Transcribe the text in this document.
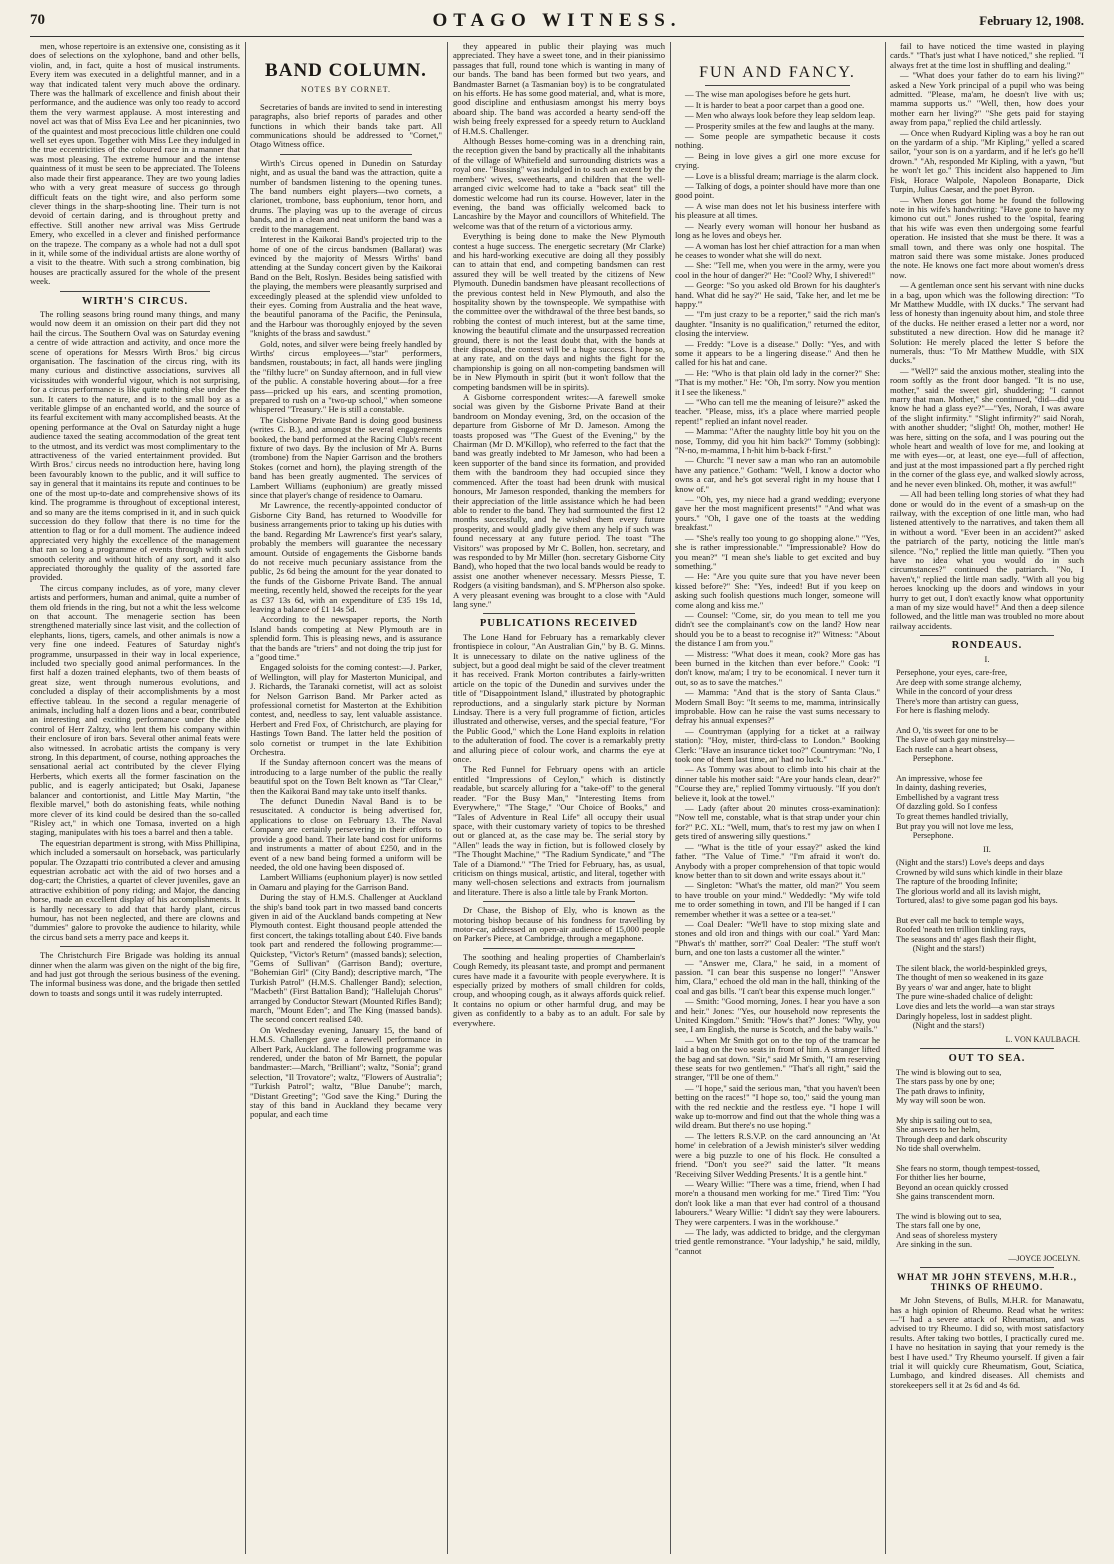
70	OTAGO WITNESS.	February 12, 1908.

men, whose repertoire is an extensive one, consisting as it does of selections on the xylophone, band and other bells, violin, and, in fact, quite a host of musical instruments. Every item was executed in a delightful manner, and in a way that indicated talent very much above the ordinary. There was the hallmark of excellence and finish about their performance, and the audience was only too ready to accord them the very warmest applause. A most interesting and novel act was that of Miss Eva Lee and her picaninnies, two of the quaintest and most precocious little children one could well set eyes upon. Together with Miss Lee they indulged in the true eccentricities of the coloured race in a manner that was most pleasing. The extreme humour and the intense quaintness of it must be seen to be appreciated. The Toleens also made their first appearance. They are two young ladies who with a very great measure of success go through difficult feats on the tight wire, and also perform some clever things in the sharp-shooting line. Their turn is not devoid of certain daring, and is throughout pretty and effective. Still another new arrival was Miss Gertrude Emery, who excelled in a clever and finished performance on the trapeze. The company as a whole had not a dull spot in it, while some of the individual artists are alone worthy of a visit to the theatre. With such a strong combination, big houses are practically assured for the whole of the present week.

WIRTH'S CIRCUS.

The rolling seasons bring round many things, and many would now deem it an omission on their part did they not hail the circus. The Southern Oval was on Saturday evening a centre of wide attraction and activity, and once more the scene of operations for Messrs Wirth Bros.' big circus organisation. The fascination of the circus ring, with its many curious and distinctive associations, survives all vicissitudes with wonderful vigour, which is not surprising, for a circus performance is like quite nothing else under the sun. It caters to the nature, and is to the small boy as a veritable glimpse of an enchanted world, and the source of its fearful excitement with many accomplished beasts. At the opening performance at the Oval on Saturday night a huge audience taxed the seating accommodation of the great tent to the utmost, and its verdict was most complimentary to the attractiveness of the varied entertainment provided. But Wirth Bros.' circus needs no introduction here, having long been favourably known to the public, and it will suffice to say in general that it maintains its repute and continues to be one of the most up-to-date and comprehensive shows of its kind. The programme is throughout of exceptional interest, and so many are the items comprised in it, and in such quick succession do they follow that there is no time for the attention to flag or for a dull moment. The audience indeed appreciated very highly the excellence of the management that ran so long a programme of events through with such smooth celerity and without hitch of any sort, and it also appreciated thoroughly the quality of the assorted fare provided.

The circus company includes, as of yore, many clever artists and performers, human and animal, quite a number of them old friends in the ring, but not a whit the less welcome on that account. The menagerie section has been strengthened materially since last visit, and the collection of elephants, lions, tigers, camels, and other animals is now a very fine one indeed. Features of Saturday night's programme, unsurpassed in their way in local experience, included two specially good animal performances. In the first half a dozen trained elephants, two of them beasts of great size, went through numerous evolutions, and concluded a display of their accomplishments by a most effective tableau. In the second a regular menagerie of animals, including half a dozen lions and a bear, contributed an interesting and exciting performance under the able control of Herr Zaltzy, who lent them his company within their enclosure of iron bars. Several other animal feats were also witnessed. In acrobatic artists the company is very strong. In this department, of course, nothing approaches the sensational aerial act contributed by the clever Flying Herberts, which exerts all the former fascination on the public, and is eagerly anticipated; but Osaki, Japanese balancer and contortionist, and Little May Martin, "the flexible marvel," both do astonishing feats, while nothing more clever of its kind could be desired than the so-called "Risley act," in which one Tomasa, inverted on a high staging, manipulates with his toes a barrel and then a table.

The equestrian department is strong, with Miss Phillipina, which included a somersault on horseback, was particularly popular. The Ozzapatti trio contributed a clever and amusing equestrian acrobatic act with the aid of two horses and a dog-cart; the Christies, a quartet of clever juveniles, gave an attractive exhibition of pony riding; and Major, the dancing horse, made an excellent display of his accomplishments. It is hardly necessary to add that that hardy plant, circus humour, has not been neglected, and there are clowns and "dummies" galore to provoke the audience to hilarity, while the circus band sets a merry pace and keeps it.

The Christchurch Fire Brigade was holding its annual dinner when the alarm was given on the night of the big fire, and had just got through the serious business of the evening. The informal business was done, and the brigade then settled down to toasts and songs until it was rudely interrupted.

BAND COLUMN.
NOTES BY CORNET.

Secretaries of bands are invited to send in interesting paragraphs, also brief reports of parades and other functions in which their bands take part. All communications should be addressed to "Cornet," Otago Witness office.

Wirth's Circus opened in Dunedin on Saturday night, and as usual the band was the attraction, quite a number of bandsmen listening to the opening tunes. The band numbers eight players—two cornets, a clarionet, trombone, bass euphonium, tenor horn, and drums. The playing was up to the average of circus bands, and in a clean and neat uniform the band was a credit to the management.

Interest in the Kaikorai Band's projected trip to the home of one of the circus bandsmen (Ballarat) was evinced by the majority of Messrs Wirths' band attending at the Sunday concert given by the Kaikorai Band on the Belt, Roslyn. Besides being satisfied with the playing, the members were pleasantly surprised and exceedingly pleased at the splendid view unfolded to their eyes. Coming from Australia and the heat wave, the beautiful panorama of the Pacific, the Peninsula, and the Harbour was thoroughly enjoyed by the seven "knights of the brass and sawdust."

Gold, notes, and silver were being freely handled by Wirths' circus employees—"star" performers, bandsmen, roustabouts; in fact, all hands were jingling the "filthy lucre" on Sunday afternoon, and in full view of the public. A constable hovering about—for a free pass—pricked up his ears, and scenting promotion, prepared to rush on a "two-up school," when someone whispered "Treasury." He is still a constable.

The Gisborne Private Band is doing good business (writes C. B.), and amongst the several engagements booked, the band performed at the Racing Club's recent fixture of two days. By the inclusion of Mr A. Burns (trombone) from the Napier Garrison and the brothers Stokes (cornet and horn), the playing strength of the band has been greatly augmented. The services of Lambert Williams (euphonium) are greatly missed since that player's change of residence to Oamaru.

Mr Lawrence, the recently-appointed conductor of Gisborne City Band, has returned to Woodville for business arrangements prior to taking up his duties with the band. Regarding Mr Lawrence's first year's salary, probably the members will guarantee the necessary amount. Outside of engagements the Gisborne bands do not receive much pecuniary assistance from the public, 2s 6d being the amount for the year donated to the funds of the Gisborne Private Band. The annual meeting, recently held, showed the receipts for the year as £37 13s 6d, with an expenditure of £35 19s 1d, leaving a balance of £1 14s 5d.

According to the newspaper reports, the North Island bands competing at New Plymouth are in splendid form. This is pleasing news, and is assurance that the bands are "triers" and not doing the trip just for a "good time."

Engaged soloists for the coming contest:—J. Parker, of Wellington, will play for Masterton Municipal, and J. Richards, the Taranaki cornetist, will act as soloist for Nelson Garrison Band. Mr Parker acted as professional cornetist for Masterton at the Exhibition contest, and, needless to say, lent valuable assistance. Herbert and Fred Fox, of Christchurch, are playing for Hastings Town Band. The latter held the position of solo cornetist or trumpet in the late Exhibition Orchestra.

If the Sunday afternoon concert was the means of introducing to a large number of the public the really beautiful spot on the Town Belt known as "Tar Clear," then the Kaikorai Band may take unto itself thanks.

The defunct Dunedin Naval Band is to be resuscitated. A conductor is being advertised for, applications to close on February 13. The Naval Company are certainly persevering in their efforts to provide a good band. Their late band cost for uniforms and instruments a matter of about £250, and in the event of a new band being formed a uniform will be needed, the old one having been disposed of.

Lambert Williams (euphonium player) is now settled in Oamaru and playing for the Garrison Band.

During the stay of H.M.S. Challenger at Auckland the ship's band took part in two massed band concerts given in aid of the Auckland bands competing at New Plymouth contest. Eight thousand people attended the first concert, the takings totalling about £40. Five bands took part and rendered the following programme:—Quickstep, "Victor's Return" (massed bands); selection, "Gems of Sullivan" (Garrison Band); overture, "Bohemian Girl" (City Band); descriptive march, "The Turkish Patrol" (H.M.S. Challenger Band); selection, "Macbeth" (First Battalion Band); "Hallelujah Chorus" arranged by Conductor Stewart (Mounted Rifles Band); march, "Mount Eden"; and The King (massed bands). The second concert realised £40.

On Wednesday evening, January 15, the band of H.M.S. Challenger gave a farewell performance in Albert Park, Auckland. The following programme was rendered, under the baton of Mr Barnett, the popular bandmaster:—March, "Brilliant"; waltz, "Sonia"; grand selection, "Il Trovatore"; waltz, "Flowers of Australia"; "Turkish Patrol"; waltz, "Blue Danube"; march, "Distant Greeting"; "God save the King." During the stay of this band in Auckland they became very popular, and each time

they appeared in public their playing was much appreciated. They have a sweet tone, and in their pianissimo passages that full, round tone which is wanting in many of our bands. The band has been formed but two years, and Bandmaster Barnet (a Tasmanian boy) is to be congratulated on his efforts. He has some good material, and, what is more, good discipline and enthusiasm amongst his merry boys aboard ship. The band was accorded a hearty send-off the wish being freely expressed for a speedy return to Auckland of H.M.S. Challenger.

Although Besses home-coming was in a drenching rain, the reception given the band by practically all the inhabitants of the village of Whitefield and surrounding districts was a royal one. "Bussing" was indulged in to such an extent by the members' wives, sweethearts, and children that the well-arranged civic welcome had to take a "back seat" till the domestic welcome had run its course. However, later in the evening, the band was officially welcomed back to Lancashire by the Mayor and councillors of Whitefield. The welcome was that of the return of a victorious army.

Everything is being done to make the New Plymouth contest a huge success. The energetic secretary (Mr Clarke) and his hard-working executive are doing all they possibly can to attain that end, and competing bandsmen can rest assured they will be well treated by the citizens of New Plymouth. Dunedin bandsmen have pleasant recollections of the previous contest held in New Plymouth, and also the hospitality shown by the townspeople. We sympathise with the committee over the withdrawal of the three best bands, so robbing the contest of much interest, but at the same time, knowing the beautiful climate and the unsurpassed recreation ground, there is not the least doubt that, with the bands at their disposal, the contest will be a huge success. I hope so, at any rate, and on the days and nights the fight for the championship is going on all non-competing bandsmen will be in New Plymouth in spirit (but it won't follow that the competing bandsmen will be in spirits).

A Gisborne correspondent writes:—A farewell smoke social was given by the Gisborne Private Band at their bandroom on Monday evening, 3rd, on the occasion of the departure from Gisborne of Mr D. Jameson. Among the toasts proposed was "The Guest of the Evening," by the Chairman (Mr D. M'Killop), who referred to the fact that the band was greatly indebted to Mr Jameson, who had been a keen supporter of the band since its formation, and provided them with the bandroom they had occupied since they commenced. After the toast had been drunk with musical honours, Mr Jameson responded, thanking the members for their appreciation of the little assistance which he had been able to render to the band. They had surmounted the first 12 months successfully, and he wished them every future prosperity, and would gladly give them any help if such was found necessary at any future period. The toast "The Visitors" was proposed by Mr C. Bollen, hon. secretary, and was responded to by Mr Miller (hon. secretary Gisborne City Band), who hoped that the two local bands would be ready to assist one another whenever necessary. Messrs Piesse, T. Rodgers (a visiting bandsman), and S. M'Pherson also spoke. A very pleasant evening was brought to a close with "Auld lang syne."

PUBLICATIONS RECEIVED

The Lone Hand for February has a remarkably clever frontispiece in colour, "An Australian Gin," by B. G. Minns. It is unnecessary to dilate on the native ugliness of the subject, but a good deal might be said of the clever treatment it has received. Frank Morton contributes a fairly-written article on the topic of the Dunedin and survives under the title of "Disappointment Island," illustrated by photographic reproductions, and a singularly stark picture by Norman Lindsay. There is a very full programme of fiction, articles illustrated and otherwise, verses, and the special feature, "For the Public Good," which the Lone Hand exploits in relation to the adulteration of food. The cover is a remarkably pretty and alluring piece of colour work, and charms the eye at once.

The Red Funnel for February opens with an article entitled "Impressions of Ceylon," which is distinctly readable, but scarcely alluring for a "take-off" to the general reader. "For the Busy Man," "Interesting Items from Everywhere," "The Stage," "Our Choice of Books," and "Tales of Adventure in Real Life" all occupy their usual space, with their customary variety of topics to be threshed out or glanced at, as the case may be. The serial story by "Allen" leads the way in fiction, but is followed closely by "The Thought Machine," "The Radium Syndicate," and "The Tale of a Diamond." "The Tried for February, has, as usual, criticism on things musical, artistic, and literal, together with many well-chosen selections and extracts from journalism and literature. There is also a little tale by Frank Morton.

Dr Chase, the Bishop of Ely, who is known as the motoring bishop because of his fondness for travelling by motor-car, addressed an open-air audience of 15,000 people on Parker's Piece, at Cambridge, through a megaphone.

The soothing and healing properties of Chamberlain's Cough Remedy, its pleasant taste, and prompt and permanent cures have made it a favourite with people everywhere. It is especially prized by mothers of small children for colds, croup, and whooping cough, as it always affords quick relief. It contains no opium or other harmful drug, and may be given as confidently to a baby as to an adult. For sale by everywhere.

FUN AND FANCY.

— The wise man apologises before he gets hurt.

— It is harder to beat a poor carpet than a good one.

— Men who always look before they leap seldom leap.

— Prosperity smiles at the few and laughs at the many.

— Some people are sympathetic because it costs nothing.

— Being in love gives a girl one more excuse for crying.

— Love is a blissful dream; marriage is the alarm clock.

— Talking of dogs, a pointer should have more than one good point.

— A wise man does not let his business interfere with his pleasure at all times.

— Nearly every woman will honour her husband as long as he loves and obeys her.

— A woman has lost her chief attraction for a man when he ceases to wonder what she will do next.

— She: "Tell me, when you were in the army, were you cool in the hour of danger?" He: "Cool? Why, I shivered!"

— George: "So you asked old Brown for his daughter's hand. What did he say?" He said, 'Take her, and let me be happy.'"

— "I'm just crazy to be a reporter," said the rich man's daughter. "Insanity is no qualification," returned the editor, closing the interview.

— Freddy: "Love is a disease." Dolly: "Yes, and with some it appears to be a lingering disease." And then he called for his hat and cane.

— He: "Who is that plain old lady in the corner?" She: "That is my mother." He: "Oh, I'm sorry. Now you mention it I see the likeness."

— "Who can tell me the meaning of leisure?" asked the teacher. "Please, miss, it's a place where married people repent!" replied an infant novel reader.

— Mamma: "After the naughty little boy hit you on the nose, Tommy, did you hit him back?" Tommy (sobbing): "N-no, m-mamma, I h-hit him b-back f-first."

— Church: "I never saw a man who ran an automobile have any patience." Gotham: "Well, I know a doctor who owns a car, and he's got several right in my house that I know of."

— "Oh, yes, my niece had a grand wedding; everyone gave her the most magnificent presents!" "And what was yours." "Oh, I gave one of the toasts at the wedding breakfast."

— "She's really too young to go shopping alone." "Yes, she is rather impressionable." "Impressionable? How do you mean?" "I mean she's liable to get excited and buy something."

— He: "Are you quite sure that you have never been kissed before?" She: "Yes, indeed! But if you keep on asking such foolish questions much longer, someone will come along and kiss me."

— Counsel: "Come, sir, do you mean to tell me you didn't see the complainant's cow on the land? How near should you be to a beast to recognise it?" Witness: "About the distance I am from you."

— Mistress: "What does it mean, cook? More gas has been burned in the kitchen than ever before." Cook: "I don't know, ma'am; I try to be economical. I never turn it out, so as to save the matches."

— Mamma: "And that is the story of Santa Claus." Modern Small Boy: "It seems to me, mamma, intrinsically improbable. How can he raise the vast sums necessary to defray his annual expenses?"

— Countryman (applying for a ticket at a railway station): "Hoy, mister, third-class to London." Booking Clerk: "Have an insurance ticket too?" Countryman: "No, I took one of them last time, an' had no luck."

— As Tommy was about to climb into his chair at the dinner table his mother said: "Are your hands clean, dear?" "Course they are," replied Tommy virtuously. "If you don't believe it, look at the towel."

— Lady (after about 20 minutes cross-examination): "Now tell me, constable, what is that strap under your chin for?" P.C. XL: "Well, mum, that's to rest my jaw on when I gets tired of answering silly questions."

— "What is the title of your essay?" asked the kind father. "The Value of Time." "I'm afraid it won't do. Anybody with a proper comprehension of that topic would know better than to sit down and write essays about it."

— Singleton: "What's the matter, old man?" You seem to have trouble on your mind." Weddedly: "My wife told me to order something in town, and I'll be hanged if I can remember whether it was a settee or a tea-set."

— Coal Dealer: "We'll have to stop mixing slate and stones and old iron and things with our coal." Yard Man: "Phwat's th' matther, sorr?" Coal Dealer: "The stuff won't burn, and one ton lasts a customer all the winter."

— "Answer me, Clara," he said, in a moment of passion. "I can bear this suspense no longer!" "Answer him, Clara," echoed the old man in the hall, thinking of the coal and gas bills. "I can't bear this expense much longer."

— Smith: "Good morning, Jones. I hear you have a son and heir." Jones: "Yes, our household now represents the United Kingdom." Smith: "How's that?" Jones: "Why, you see, I am English, the nurse is Scotch, and the baby wails."

— When Mr Smith got on to the top of the tramcar he laid a bag on the two seats in front of him. A stranger lifted the bag and sat down. "Sir," said Mr Smith, "I am reserving these seats for two gentlemen." "That's all right," said the stranger, "I'll be one of them."

— "I hope," said the serious man, "that you haven't been betting on the races!" "I hope so, too," said the young man with the red necktie and the restless eye. "I hope I will wake up to-morrow and find out that the whole thing was a wild dream. But there's no use hoping."

— The letters R.S.V.P. on the card announcing an 'At home' in celebration of a Jewish minister's silver wedding were a big puzzle to one of his flock. He consulted a friend. "Don't you see?" said the latter. "It means 'Receiving Silver Wedding Presents.' It is a gentle hint."

— Weary Willie: "There was a time, friend, when I had more'n a thousand men working for me." Tired Tim: "You don't look like a man that ever had control of a thousand labourers." Weary Willie: "I didn't say they were labourers. They were carpenters. I was in the workhouse."

— The lady, was addicted to bridge, and the clergyman tried gentle remonstrance. "Your ladyship," he said, mildly, "cannot

fail to have noticed the time wasted in playing cards." "That's just what I have noticed," she replied. "I always fret at the time lost in shuffling and dealing."

— "What does your father do to earn his living?" asked a New York principal of a pupil who was being admitted. "Please, ma'am, he doesn't live with us; mamma supports us." "Well, then, how does your mother earn her living?" "She gets paid for staying away from papa," replied the child artlessly.

— Once when Rudyard Kipling was a boy he ran out on the yardarm of a ship. "Mr Kipling," yelled a scared sailor, "your son is on a yardarm, and if he let's go he'll drown." "Ah, responded Mr Kipling, with a yawn, "but he won't let go." This incident also happened to Jim Fisk, Horace Walpole, Napoleon Bonaparte, Dick Turpin, Julius Caesar, and the poet Byron.

— When Jones got home he found the following note in his wife's handwriting: "Have gone to have my kimono cut out." Jones rushed to the 'ospital, fearing that his wife was even then undergoing some fearful operation. He insisted that she must be there. It was a small town, and there was only one hospital. The matron said there was some mistake. Jones produced the note. He knows one fact more about women's dress now.

— A gentleman once sent his servant with nine ducks in a bag, upon which was the following direction: "To Mr Matthew Muddle, with IX ducks." The servant had less of honesty than ingenuity about him, and stole three of the ducks. He neither erased a letter nor a word, nor substituted a new direction. How did he manage it? Solution: He merely placed the letter S before the numerals, thus: "To Mr Matthew Muddle, with SIX ducks."

— "Well?" said the anxious mother, stealing into the room softly as the front door banged. "It is no use, mother," said the sweet girl, shuddering; "I cannot marry that man. Mother," she continued, "did—did you know he had a glass eye?"—"Yes, Norah, I was aware of the slight infirmity." "Slight infirmity?" said Norah, with another shudder; "slight! Oh, mother, mother! He was here, sitting on the sofa, and I was pouring out the whole heart and wealth of love for me, and looking at me with eyes—or, at least, one eye—full of affection, and just at the most impassioned part a fly perched right in the corner of the glass eye, and walked slowly across, and he never even blinked. Oh, mother, it was awful!"

— All had been telling long stories of what they had done or would do in the event of a smash-up on the railway, with the exception of one little man, who had listened attentively to the narratives, and taken them all in without a word. "Ever been in an accident?" asked the patriarch of the party, noticing the little man's silence. "No," replied the little man quietly. "Then you have no idea what you would do in such circumstances?" continued the patriarch. "No, I haven't," replied the little man sadly. "With all you big heroes knocking up the doors and windows in your hurry to get out, I don't exactly know what opportunity a man of my size would have!" And then a deep silence followed, and the little man was troubled no more about railway accidents.

RONDEAUS.
I.
Persephone, your eyes, care-free,
Are deep with some strange alchemy,
While in the concord of your dress
There's more than artistry can guess,
For here is flashing melody.

And O, 'tis sweet for one to be
The slave of such gay minstrelsy—
Each rustle can a heart obsess,
Persephone.

An impressive, whose fee
In dainty, dashing reveries,
Embellished by a vagrant tress
Of dazzling gold. So I confess
To great themes handled trivially,
But pray you will not love me less,
Persephone.
II.
(Night and the stars!) Love's deeps and days
Crowned by wild suns which kindle in their blaze
The rapture of the brooding Infinite;
The glorious world and all its lavish might,
Tortured, alas! to give some pagan god his bays.

But ever call me back to temple ways,
Roofed 'neath ten trillion tinkling rays,
The seasons and th' ages flash their flight,
(Night and the stars!)

The silent black, the world-bespinkled greys,
The thought of men so weakened in its gaze
By years o' war and anger, hate to blight
The pure wine-shaded chalice of delight:
Love dies and lets the world—a wan star strays
Daringly hopeless, lost in saddest plight.
(Night and the stars!)
L. VON KAULBACH.
OUT TO SEA.
The wind is blowing out to sea,
The stars pass by one by one;
The path draws to infinity,
My way will soon be won.

My ship is sailing out to sea,
She answers to her helm,
Through deep and dark obscurity
No tide shall overwhelm.

She fears no storm, though tempest-tossed,
For thither lies her bourne,
Beyond an ocean quickly crossed
She gains transcendent morn.

The wind is blowing out to sea,
The stars fall one by one,
And seas of shoreless mystery
Are sinking in the sun.
—JOYCE JOCELYN.
WHAT MR JOHN STEVENS, M.H.R., THINKS OF RHEUMO.

Mr John Stevens, of Bulls, M.H.R. for Manawatu, has a high opinion of Rheumo. Read what he writes:—"I had a severe attack of Rheumatism, and was advised to try Rheumo. I did so, with most satisfactory results. After taking two bottles, I practically cured me. I have no hesitation in saying that your remedy is the best I have used." Try Rheumo yourself. If given a fair trial it will quickly cure Rheumatism, Gout, Sciatica, Lumbago, and kindred diseases. All chemists and storekeepers sell it at 2s 6d and 4s 6d.
